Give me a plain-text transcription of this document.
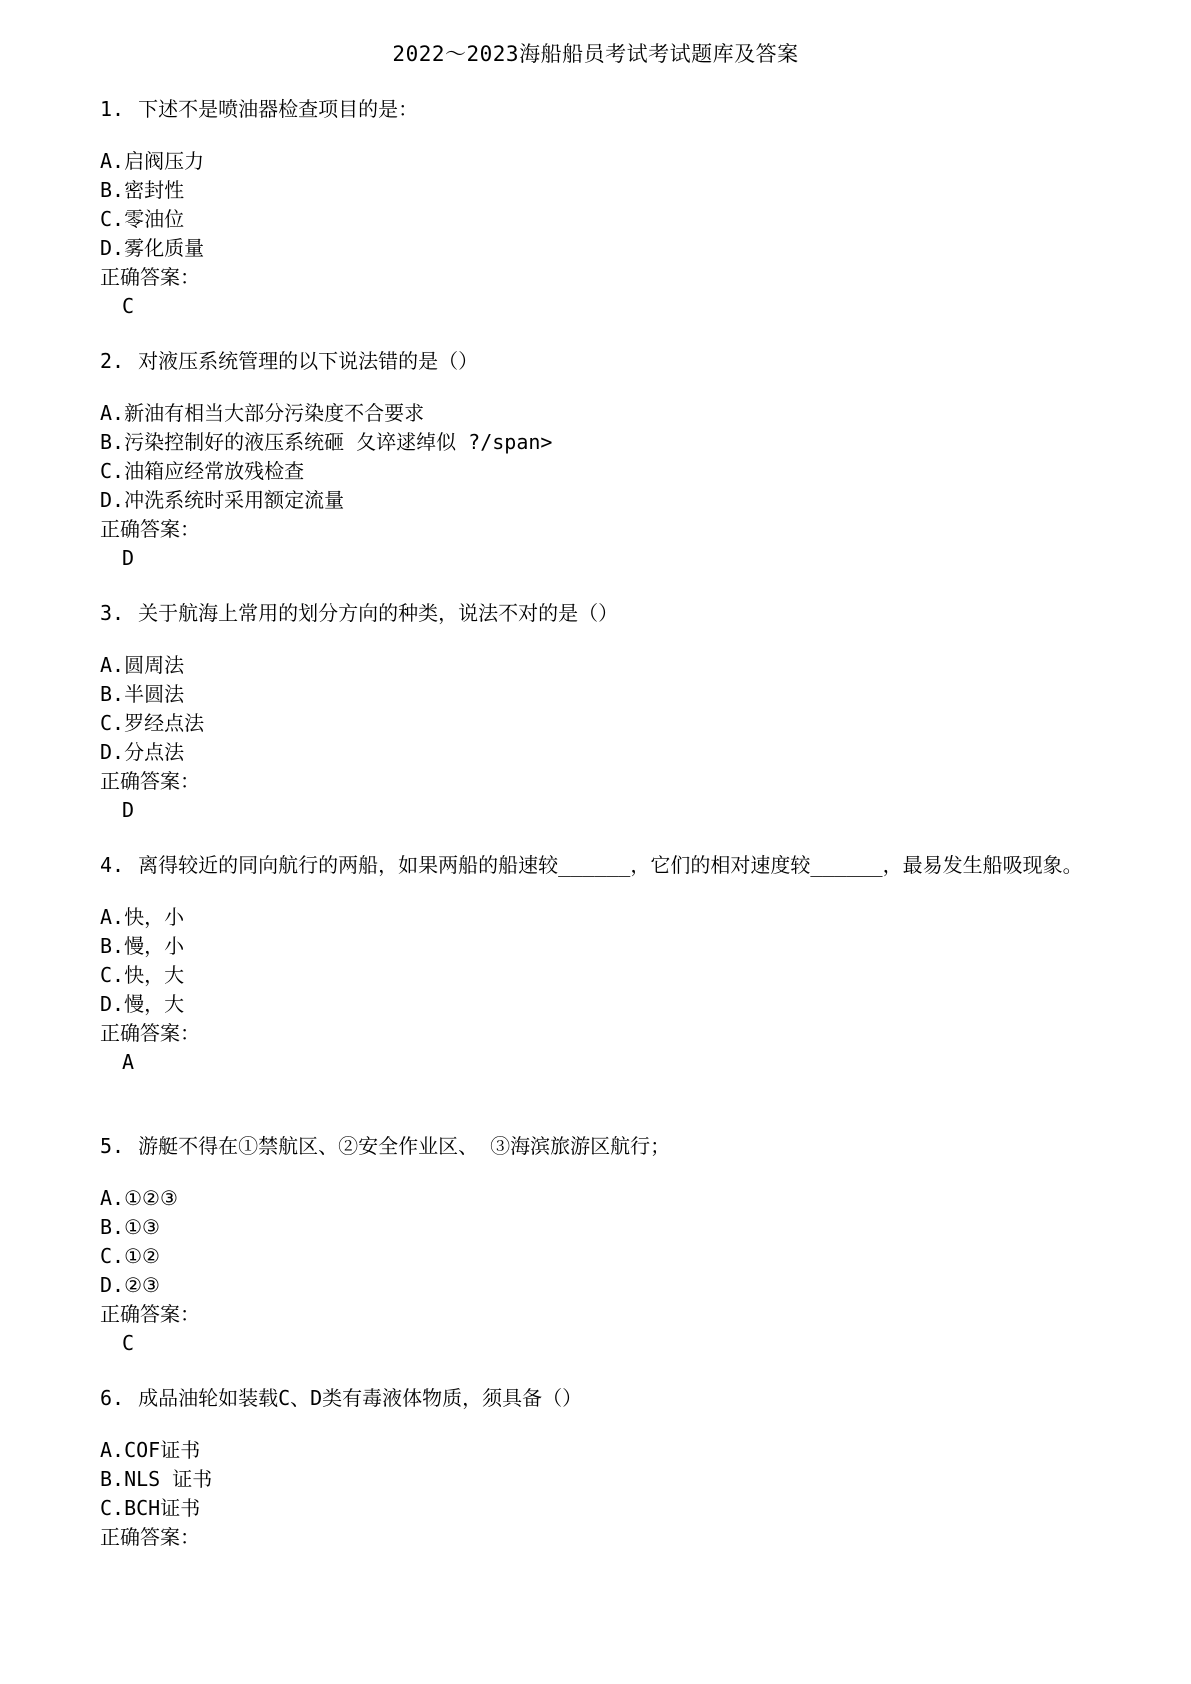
2022～2023海船船员考试考试题库及答案

1. 下述不是喷油器检查项目的是：

A.启阀压力
B.密封性
C.零油位
D.雾化质量
正确答案：
C

2. 对液压系统管理的以下说法错的是（）

A.新油有相当大部分污染度不合要求
B.污染控制好的液压系统砸 夂谇逑绰似 ?/span>
C.油箱应经常放残检查
D.冲洗系统时采用额定流量
正确答案：
D

3. 关于航海上常用的划分方向的种类，说法不对的是（）

A.圆周法
B.半圆法
C.罗经点法
D.分点法
正确答案：
D

4. 离得较近的同向航行的两船，如果两船的船速较______，它们的相对速度较______，最易发生船吸现象。

A.快，小
B.慢，小
C.快，大
D.慢，大
正确答案：
A

5. 游艇不得在①禁航区、②安全作业区、 ③海滨旅游区航行；

A.①②③
B.①③
C.①②
D.②③
正确答案：
C

6. 成品油轮如装载C、D类有毒液体物质，须具备（）

A.COF证书
B.NLS 证书
C.BCH证书
正确答案：
